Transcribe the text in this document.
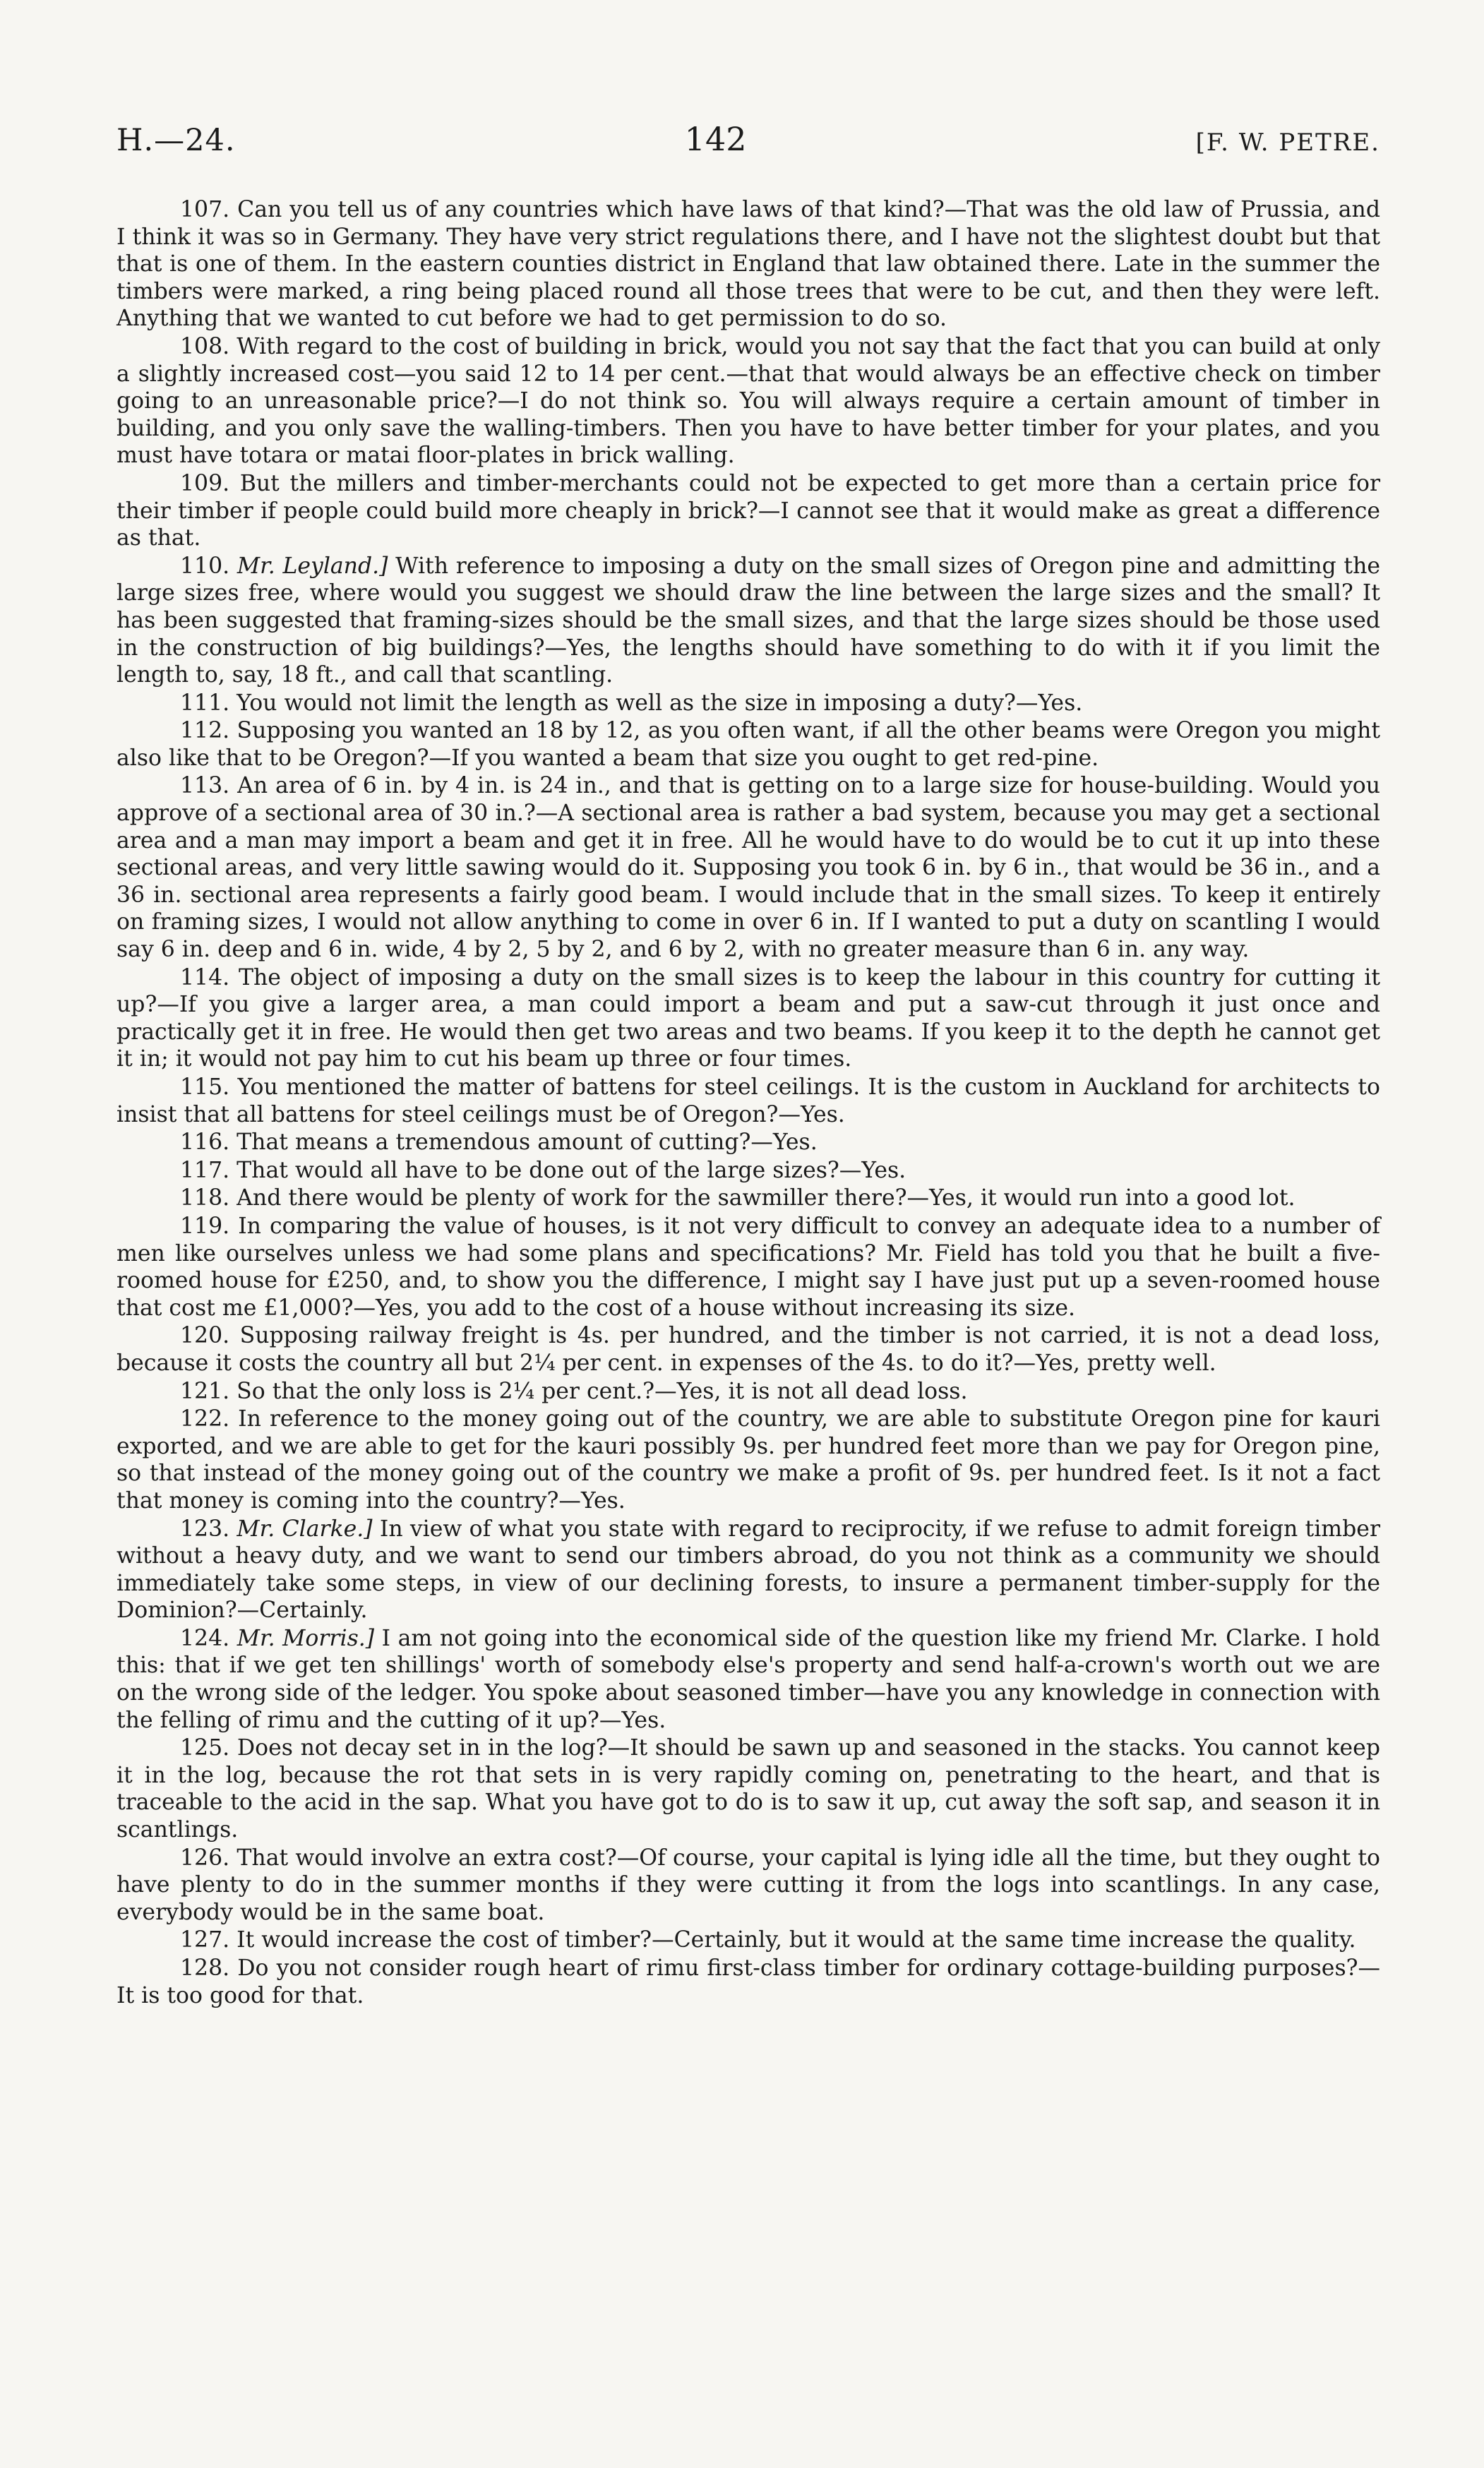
H.—24.	142	[F. W. PETRE.

107. Can you tell us of any countries which have laws of that kind?—That was the old law of Prussia, and I think it was so in Germany. They have very strict regulations there, and I have not the slightest doubt but that that is one of them. In the eastern counties district in England that law obtained there. Late in the summer the timbers were marked, a ring being placed round all those trees that were to be cut, and then they were left. Anything that we wanted to cut before we had to get permission to do so.

108. With regard to the cost of building in brick, would you not say that the fact that you can build at only a slightly increased cost—you said 12 to 14 per cent.—that that would always be an effective check on timber going to an unreasonable price?—I do not think so. You will always require a certain amount of timber in building, and you only save the walling-timbers. Then you have to have better timber for your plates, and you must have totara or matai floor-plates in brick walling.

109. But the millers and timber-merchants could not be expected to get more than a certain price for their timber if people could build more cheaply in brick?—I cannot see that it would make as great a difference as that.

110. Mr. Leyland.] With reference to imposing a duty on the small sizes of Oregon pine and admitting the large sizes free, where would you suggest we should draw the line between the large sizes and the small? It has been suggested that framing-sizes should be the small sizes, and that the large sizes should be those used in the construction of big buildings?—Yes, the lengths should have something to do with it if you limit the length to, say, 18 ft., and call that scantling.

111. You would not limit the length as well as the size in imposing a duty?—Yes.

112. Supposing you wanted an 18 by 12, as you often want, if all the other beams were Oregon you might also like that to be Oregon?—If you wanted a beam that size you ought to get red-pine.

113. An area of 6 in. by 4 in. is 24 in., and that is getting on to a large size for house-building. Would you approve of a sectional area of 30 in.?—A sectional area is rather a bad system, because you may get a sectional area and a man may import a beam and get it in free. All he would have to do would be to cut it up into these sectional areas, and very little sawing would do it. Supposing you took 6 in. by 6 in., that would be 36 in., and a 36 in. sectional area represents a fairly good beam. I would include that in the small sizes. To keep it entirely on framing sizes, I would not allow anything to come in over 6 in. If I wanted to put a duty on scantling I would say 6 in. deep and 6 in. wide, 4 by 2, 5 by 2, and 6 by 2, with no greater measure than 6 in. any way.

114. The object of imposing a duty on the small sizes is to keep the labour in this country for cutting it up?—If you give a larger area, a man could import a beam and put a saw-cut through it just once and practically get it in free. He would then get two areas and two beams. If you keep it to the depth he cannot get it in; it would not pay him to cut his beam up three or four times.

115. You mentioned the matter of battens for steel ceilings. It is the custom in Auckland for architects to insist that all battens for steel ceilings must be of Oregon?—Yes.

116. That means a tremendous amount of cutting?—Yes.

117. That would all have to be done out of the large sizes?—Yes.

118. And there would be plenty of work for the sawmiller there?—Yes, it would run into a good lot.

119. In comparing the value of houses, is it not very difficult to convey an adequate idea to a number of men like ourselves unless we had some plans and specifications? Mr. Field has told you that he built a five-roomed house for £250, and, to show you the difference, I might say I have just put up a seven-roomed house that cost me £1,000?—Yes, you add to the cost of a house without increasing its size.

120. Supposing railway freight is 4s. per hundred, and the timber is not carried, it is not a dead loss, because it costs the country all but 2¼ per cent. in expenses of the 4s. to do it?—Yes, pretty well.

121. So that the only loss is 2¼ per cent.?—Yes, it is not all dead loss.

122. In reference to the money going out of the country, we are able to substitute Oregon pine for kauri exported, and we are able to get for the kauri possibly 9s. per hundred feet more than we pay for Oregon pine, so that instead of the money going out of the country we make a profit of 9s. per hundred feet. Is it not a fact that money is coming into the country?—Yes.

123. Mr. Clarke.] In view of what you state with regard to reciprocity, if we refuse to admit foreign timber without a heavy duty, and we want to send our timbers abroad, do you not think as a community we should immediately take some steps, in view of our declining forests, to insure a permanent timber-supply for the Dominion?—Certainly.

124. Mr. Morris.] I am not going into the economical side of the question like my friend Mr. Clarke. I hold this: that if we get ten shillings' worth of somebody else's property and send half-a-crown's worth out we are on the wrong side of the ledger. You spoke about seasoned timber—have you any knowledge in connection with the felling of rimu and the cutting of it up?—Yes.

125. Does not decay set in in the log?—It should be sawn up and seasoned in the stacks. You cannot keep it in the log, because the rot that sets in is very rapidly coming on, penetrating to the heart, and that is traceable to the acid in the sap. What you have got to do is to saw it up, cut away the soft sap, and season it in scantlings.

126. That would involve an extra cost?—Of course, your capital is lying idle all the time, but they ought to have plenty to do in the summer months if they were cutting it from the logs into scantlings. In any case, everybody would be in the same boat.

127. It would increase the cost of timber?—Certainly, but it would at the same time increase the quality.

128. Do you not consider rough heart of rimu first-class timber for ordinary cottage-building purposes?—It is too good for that.
